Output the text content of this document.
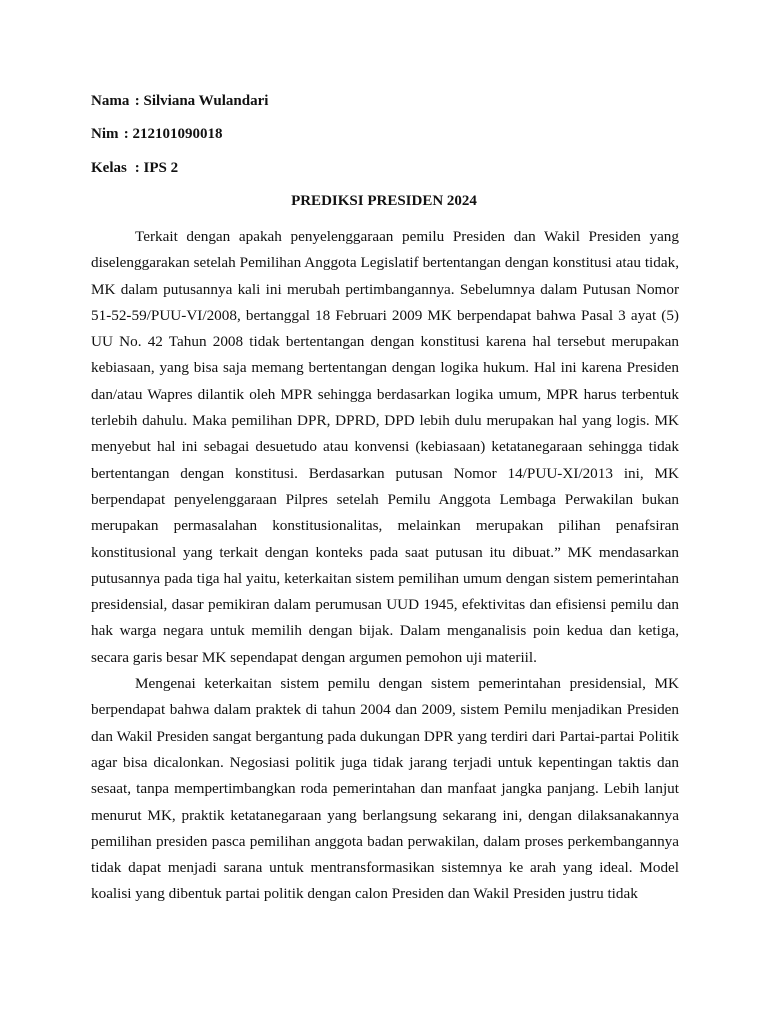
Nama : Silviana Wulandari
Nim : 212101090018
Kelas : IPS 2
PREDIKSI PRESIDEN 2024

Terkait dengan apakah penyelenggaraan pemilu Presiden dan Wakil Presiden yang diselenggarakan setelah Pemilihan Anggota Legislatif bertentangan dengan konstitusi atau tidak, MK dalam putusannya kali ini merubah pertimbangannya. Sebelumnya dalam Putusan Nomor 51-52-59/PUU-VI/2008, bertanggal 18 Februari 2009 MK berpendapat bahwa Pasal 3 ayat (5) UU No. 42 Tahun 2008 tidak bertentangan dengan konstitusi karena hal tersebut merupakan kebiasaan, yang bisa saja memang bertentangan dengan logika hukum. Hal ini karena Presiden dan/atau Wapres dilantik oleh MPR sehingga berdasarkan logika umum, MPR harus terbentuk terlebih dahulu. Maka pemilihan DPR, DPRD, DPD lebih dulu merupakan hal yang logis. MK menyebut hal ini sebagai desuetudo atau konvensi (kebiasaan) ketatanegaraan sehingga tidak bertentangan dengan konstitusi. Berdasarkan putusan Nomor 14/PUU-XI/2013 ini, MK berpendapat penyelenggaraan Pilpres setelah Pemilu Anggota Lembaga Perwakilan bukan merupakan permasalahan konstitusionalitas, melainkan merupakan pilihan penafsiran konstitusional yang terkait dengan konteks pada saat putusan itu dibuat.” MK mendasarkan putusannya pada tiga hal yaitu, keterkaitan sistem pemilihan umum dengan sistem pemerintahan presidensial, dasar pemikiran dalam perumusan UUD 1945, efektivitas dan efisiensi pemilu dan hak warga negara untuk memilih dengan bijak. Dalam menganalisis poin kedua dan ketiga, secara garis besar MK sependapat dengan argumen pemohon uji materiil.

Mengenai keterkaitan sistem pemilu dengan sistem pemerintahan presidensial, MK berpendapat bahwa dalam praktek di tahun 2004 dan 2009, sistem Pemilu menjadikan Presiden dan Wakil Presiden sangat bergantung pada dukungan DPR yang terdiri dari Partai-partai Politik agar bisa dicalonkan. Negosiasi politik juga tidak jarang terjadi untuk kepentingan taktis dan sesaat, tanpa mempertimbangkan roda pemerintahan dan manfaat jangka panjang. Lebih lanjut menurut MK, praktik ketatanegaraan yang berlangsung sekarang ini, dengan dilaksanakannya pemilihan presiden pasca pemilihan anggota badan perwakilan, dalam proses perkembangannya tidak dapat menjadi sarana untuk mentransformasikan sistemnya ke arah yang ideal. Model koalisi yang dibentuk partai politik dengan calon Presiden dan Wakil Presiden justru tidak
